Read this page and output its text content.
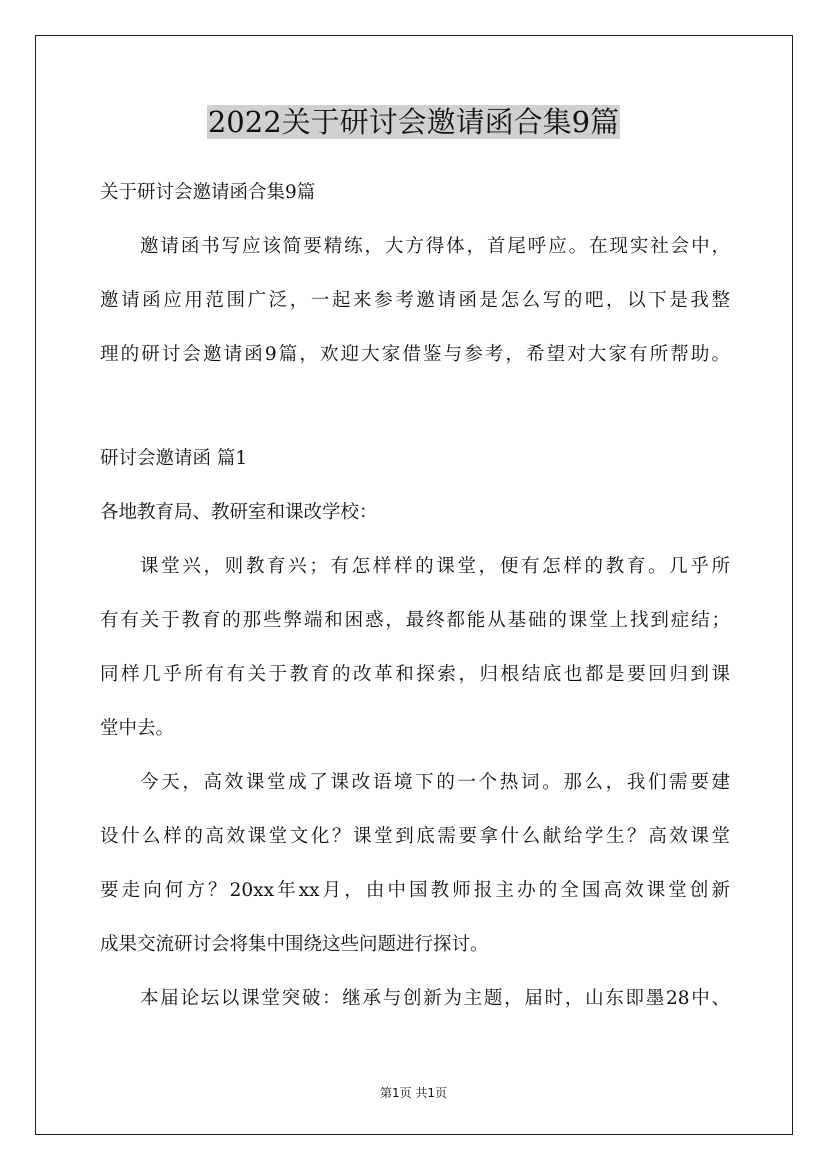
2022关于研讨会邀请函合集9篇

关于研讨会邀请函合集9篇

邀请函书写应该简要精练，大方得体，首尾呼应。在现实社会中，

邀请函应用范围广泛，一起来参考邀请函是怎么写的吧，以下是我整

理的研讨会邀请函9篇，欢迎大家借鉴与参考，希望对大家有所帮助。

研讨会邀请函 篇1

各地教育局、教研室和课改学校：

课堂兴，则教育兴；有怎样样的课堂，便有怎样的教育。几乎所

有有关于教育的那些弊端和困惑，最终都能从基础的课堂上找到症结；

同样几乎所有有关于教育的改革和探索，归根结底也都是要回归到课

堂中去。

今天，高效课堂成了课改语境下的一个热词。那么，我们需要建

设什么样的高效课堂文化？课堂到底需要拿什么献给学生？高效课堂

要走向何方？20xx年xx月，由中国教师报主办的全国高效课堂创新

成果交流研讨会将集中围绕这些问题进行探讨。

本届论坛以课堂突破：继承与创新为主题，届时，山东即墨28中、

第1页 共1页
